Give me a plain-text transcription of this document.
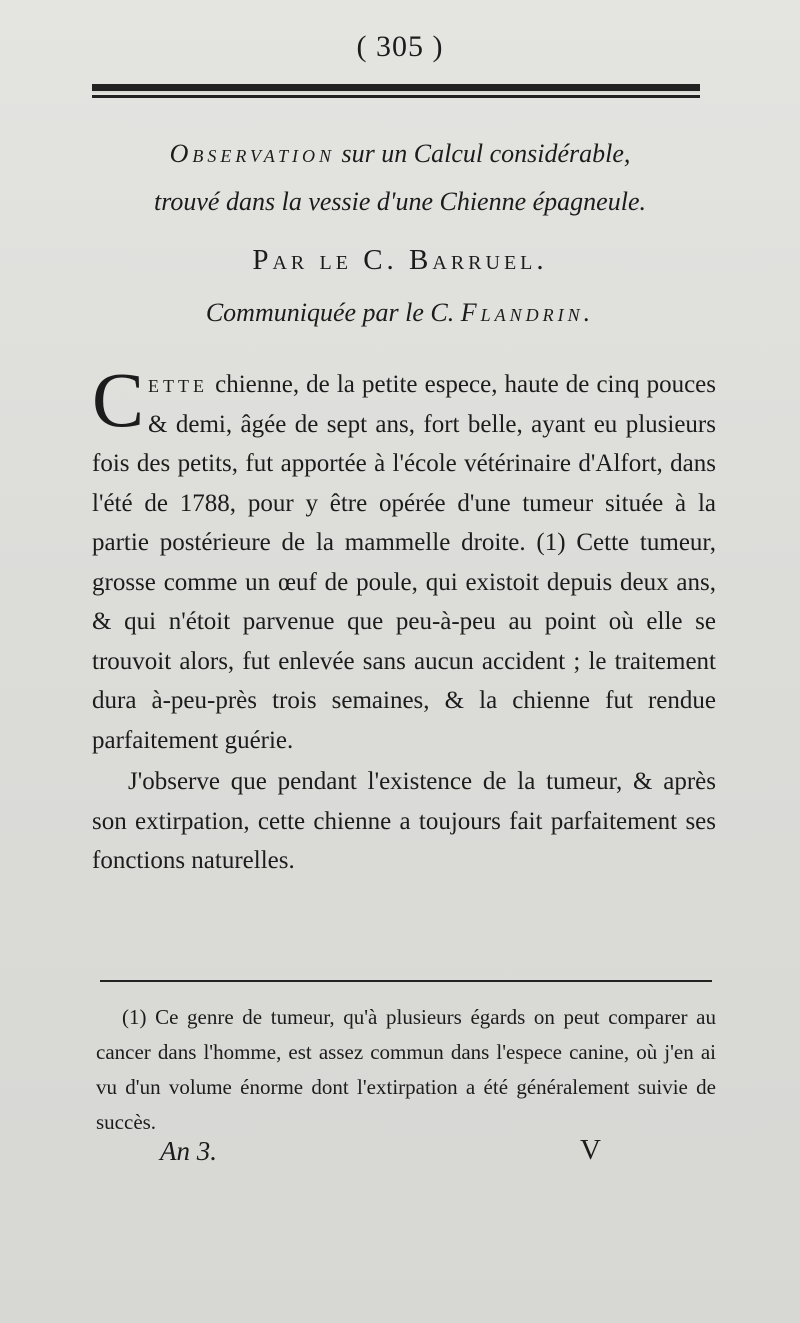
( 305 )
Observation sur un Calcul considérable,
trouvé dans la vessie d'une Chienne épagneule.
Par le C. Barruel.
Communiquée par le C. Flandrin.

Cette chienne, de la petite espece, haute de cinq pouces & demi, âgée de sept ans, fort belle, ayant eu plusieurs fois des petits, fut apportée à l'école vétérinaire d'Alfort, dans l'été de 1788, pour y être opérée d'une tumeur située à la partie postérieure de la mammelle droite. (1) Cette tumeur, grosse comme un œuf de poule, qui existoit depuis deux ans, & qui n'étoit parvenue que peu-à-peu au point où elle se trouvoit alors, fut enlevée sans aucun accident ; le traitement dura à-peu-près trois semaines, & la chienne fut rendue parfaitement guérie.

J'observe que pendant l'existence de la tumeur, & après son extirpation, cette chienne a toujours fait parfaitement ses fonctions naturelles.

(1) Ce genre de tumeur, qu'à plusieurs égards on peut comparer au cancer dans l'homme, est assez commun dans l'espece canine, où j'en ai vu d'un volume énorme dont l'extirpation a été généralement suivie de succès.
An 3.	V
